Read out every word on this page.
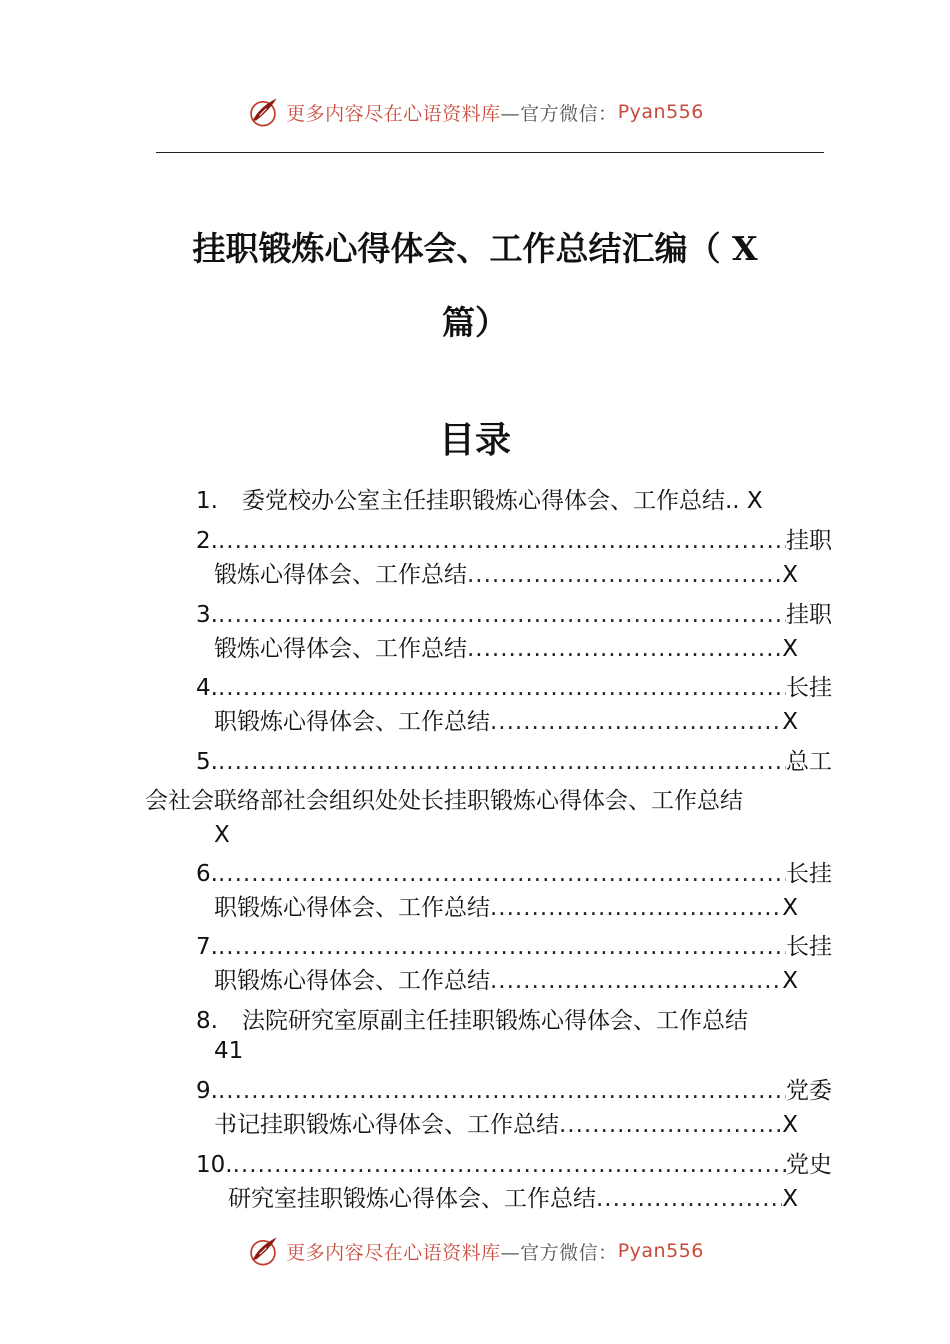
更多内容尽在心语资料库 —官方微信： Pyan556
挂职锻炼心得体会、工作总结汇编（ X
篇）
目录
1. 委党校办公室主任挂职锻炼心得体会、工作总结.. X
2. .....	挂职
锻炼心得体会、工作总结 .....	X
3. .....	挂职
锻炼心得体会、工作总结 .....	X
4. .....	长挂
职锻炼心得体会、工作总结 .....	X
5. .....	总工
会社会联络部社会组织处处长挂职锻炼心得体会、工作总结
X
6. .....	长挂
职锻炼心得体会、工作总结 .....	X
7. .....	长挂
职锻炼心得体会、工作总结 .....	X
8. 法院研究室原副主任挂职锻炼心得体会、工作总结
41
9. .....	党委
书记挂职锻炼心得体会、工作总结 .....	X
10. .....	党史
研究室挂职锻炼心得体会、工作总结 .....	X
更多内容尽在心语资料库 —官方微信： Pyan556
